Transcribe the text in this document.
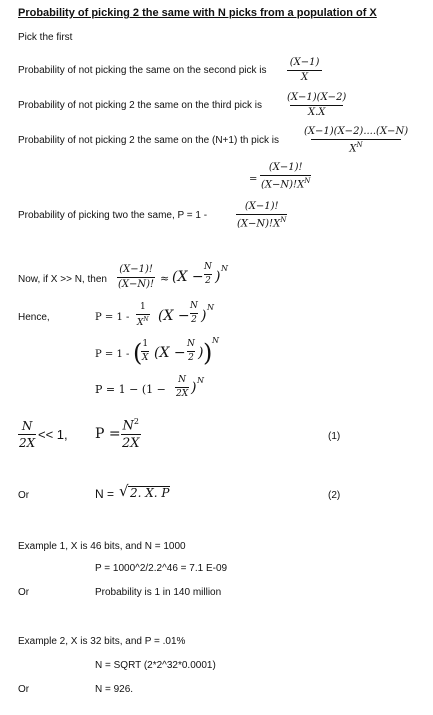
Probability of picking 2 the same with N picks from a population of X
Pick the first
Probability of not picking the same on the second pick is $\frac{(X-1)}{X}$
Probability of not picking 2 the same on the third pick is $\frac{(X-1)(X-2)}{X.X}$
Probability of not picking 2 the same on the (N+1) th pick is $\frac{(X-1)(X-2)....(X-N)}{X^N}$
= $\frac{(X-1)!}{(X-N)!X^N}$
Probability of picking two the same, P = 1 -	$\frac{(X-1)!}{(X-N)!X^N}$
Now, if X >> N, then $\frac{(X-1)!}{(X-N)!} \approx (X - \frac{N}{2}$ )
N
Hence,	$P = 1 - \frac{1}{X^N} (X - \frac{N}{2}$ )
N
P = 1 - (
$\frac{1}{X} (X - \frac{N}{2}$ ) ) N
$P = 1 - (1 - \frac{N}{2X}$ ) N
$\frac{N}{2X} << 1$, $P = \frac{N^2}{2X}$	(1)
Or	N = √ 2. X. P	(2)
Example 1, X is 46 bits, and N = 1000
P = 1000^2/2.2^46 = 7.1 E-09
Or	Probability is 1 in 140 million
Example 2, X is 32 bits, and P = .01%
N = SQRT (2*2^32*0.0001)
Or	N = 926.
